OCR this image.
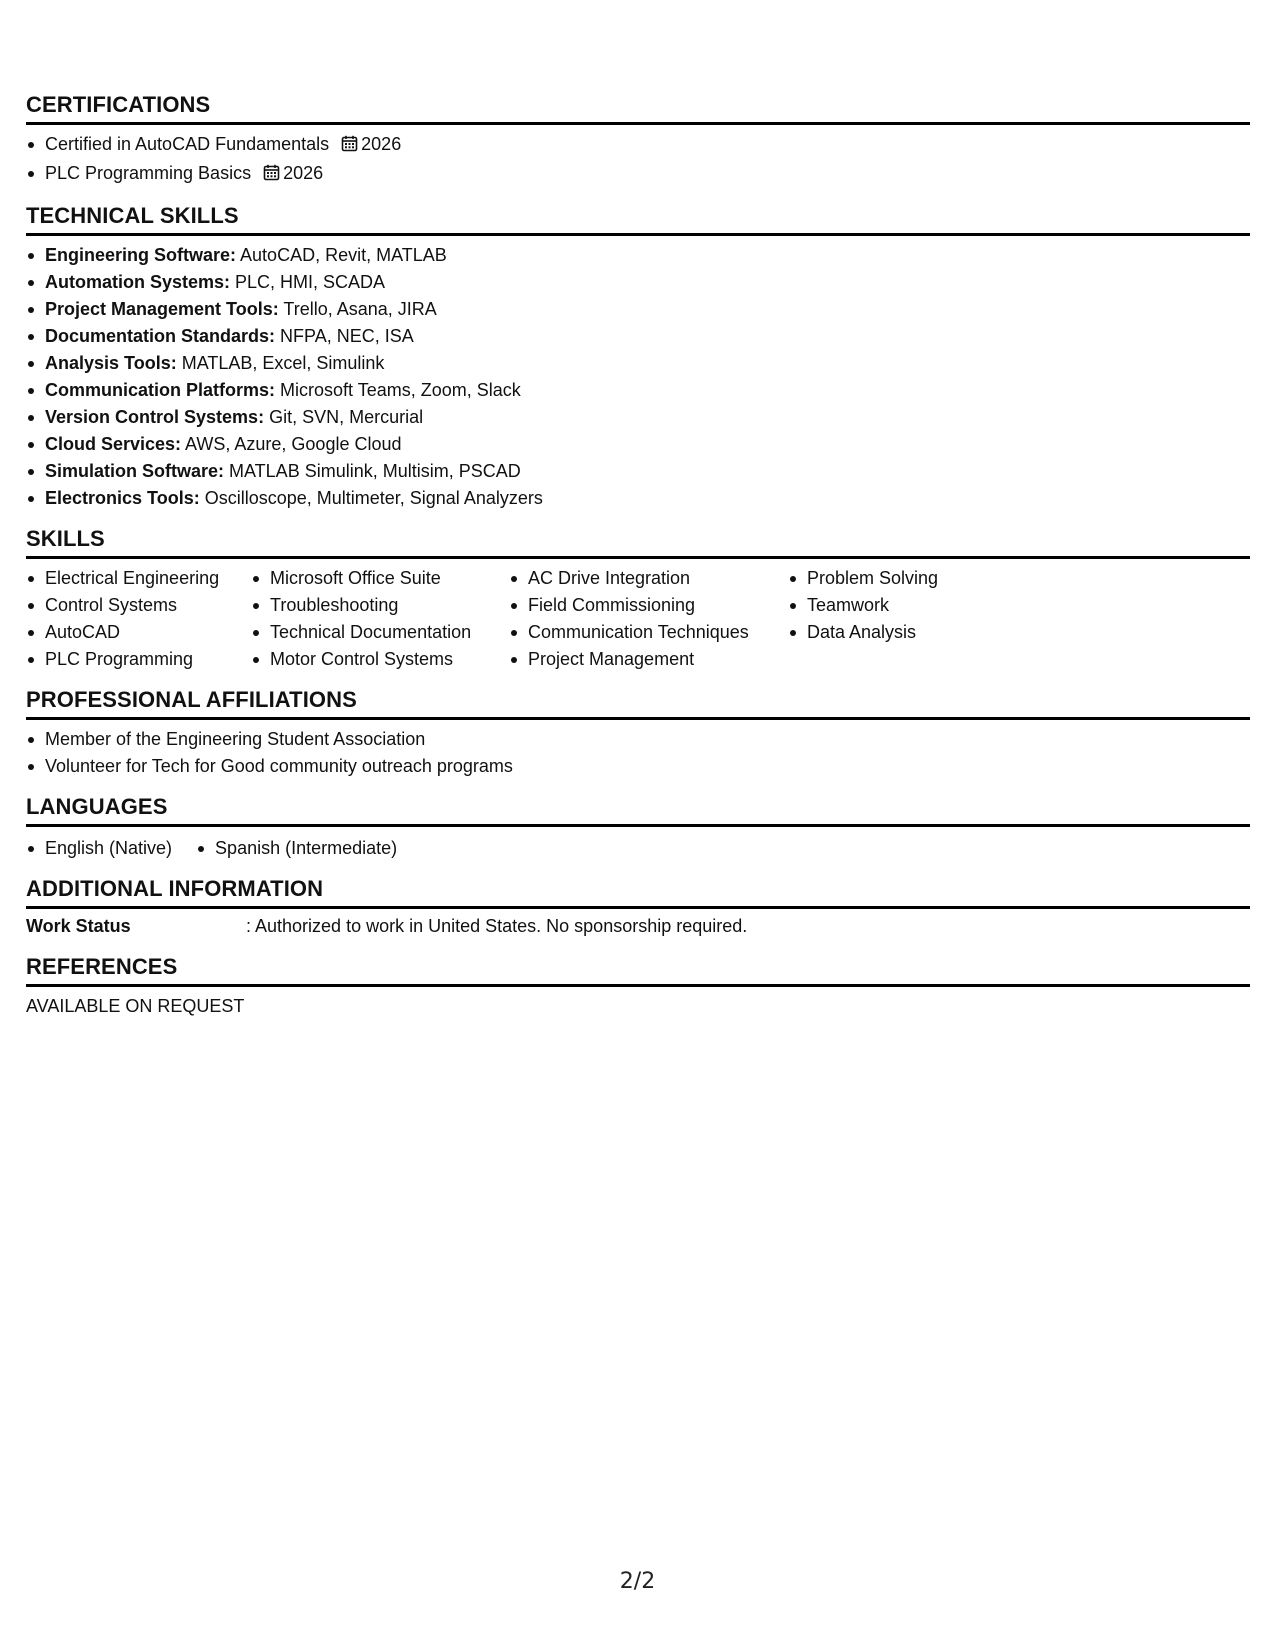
CERTIFICATIONS
Certified in AutoCAD Fundamentals 2026
PLC Programming Basics 2026
TECHNICAL SKILLS
Engineering Software: AutoCAD, Revit, MATLAB
Automation Systems: PLC, HMI, SCADA
Project Management Tools: Trello, Asana, JIRA
Documentation Standards: NFPA, NEC, ISA
Analysis Tools: MATLAB, Excel, Simulink
Communication Platforms: Microsoft Teams, Zoom, Slack
Version Control Systems: Git, SVN, Mercurial
Cloud Services: AWS, Azure, Google Cloud
Simulation Software: MATLAB Simulink, Multisim, PSCAD
Electronics Tools: Oscilloscope, Multimeter, Signal Analyzers
SKILLS
Electrical Engineering
Control Systems
AutoCAD
PLC Programming
Microsoft Office Suite
Troubleshooting
Technical Documentation
Motor Control Systems
AC Drive Integration
Field Commissioning
Communication Techniques
Project Management
Problem Solving
Teamwork
Data Analysis
PROFESSIONAL AFFILIATIONS
Member of the Engineering Student Association
Volunteer for Tech for Good community outreach programs
LANGUAGES
English (Native)	Spanish (Intermediate)
ADDITIONAL INFORMATION
Work Status	: Authorized to work in United States. No sponsorship required.
REFERENCES
AVAILABLE ON REQUEST
2/2
